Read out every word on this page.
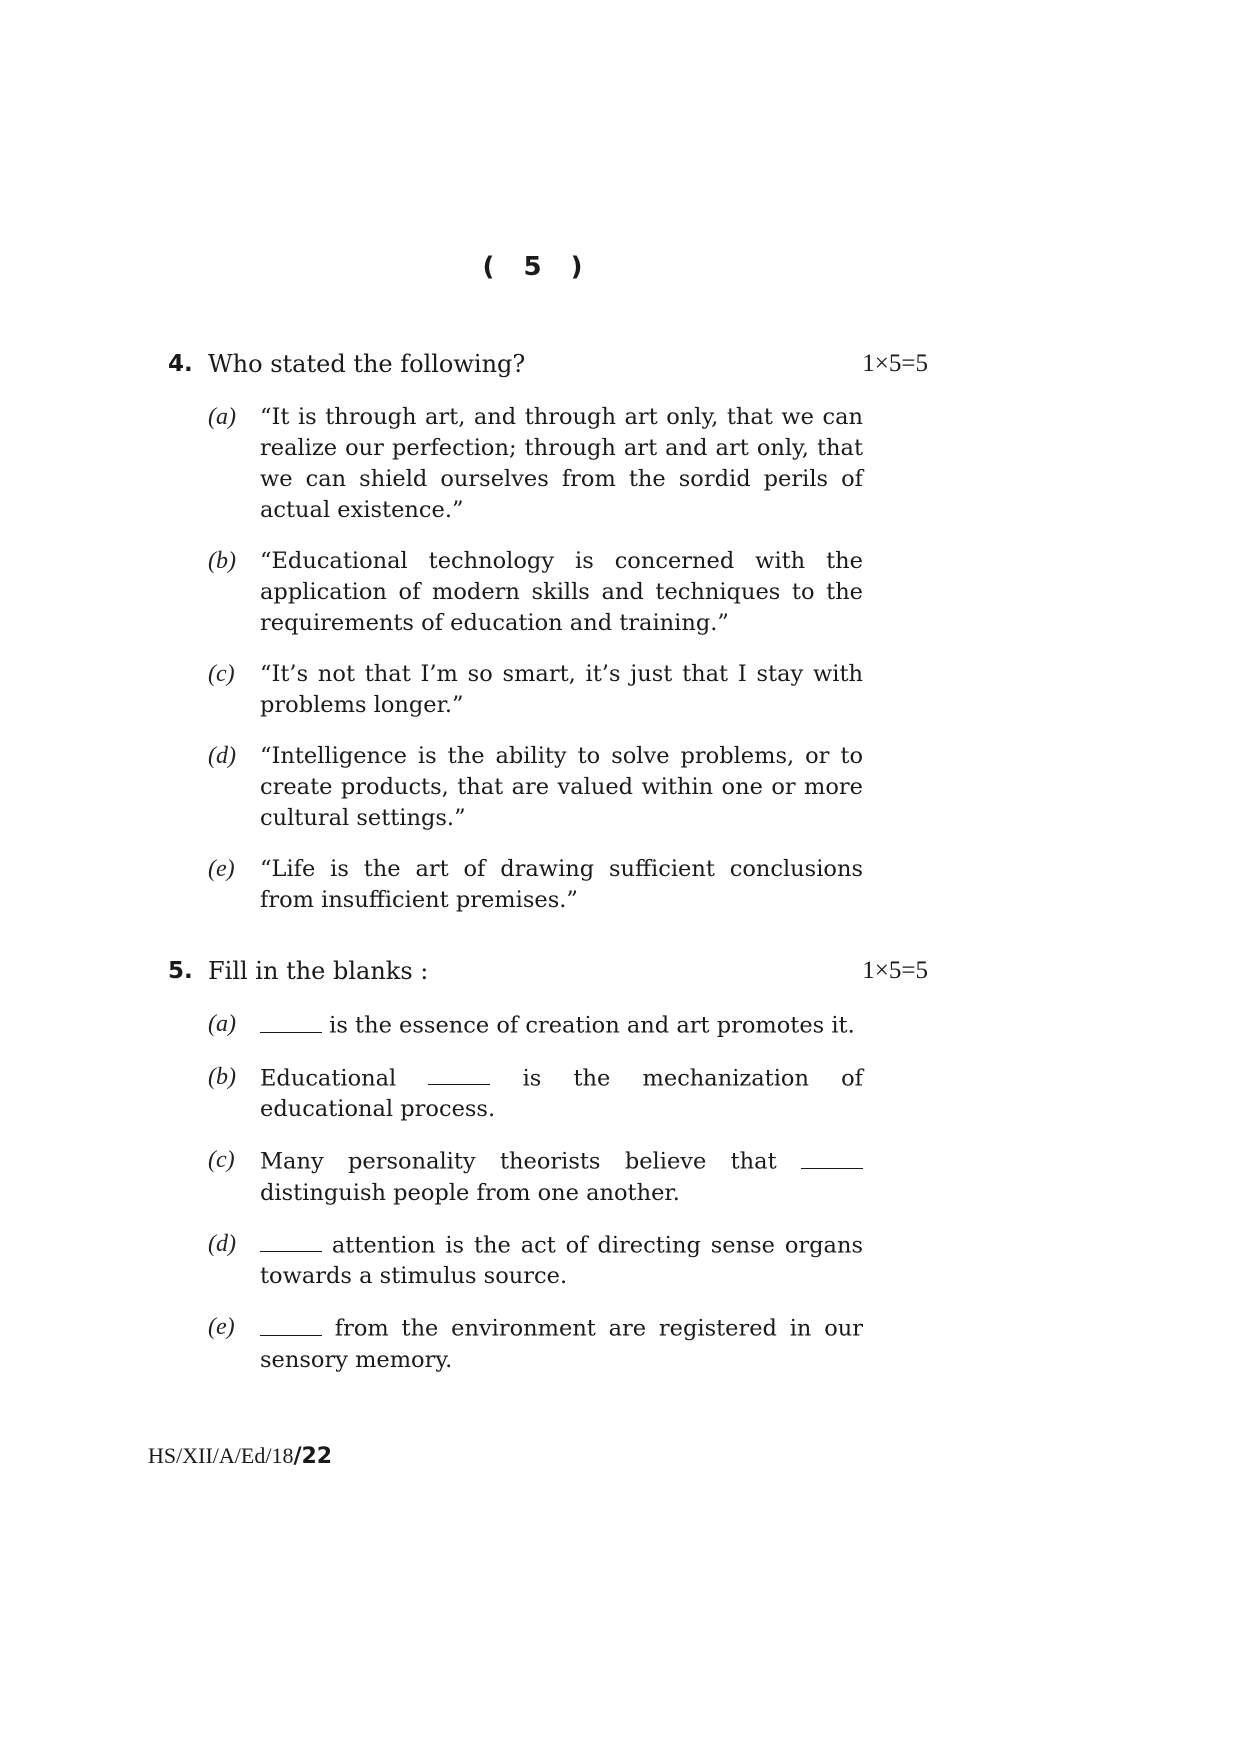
( 5 )
4. Who stated the following?	1×5=5
(a)	“It is through art, and through art only, that we can realize our perfection; through art and art only, that we can shield ourselves from the sordid perils of actual existence.”
(b)	“Educational technology is concerned with the application of modern skills and techniques to the requirements of education and training.”
(c)	“It’s not that I’m so smart, it’s just that I stay with problems longer.”
(d)	“Intelligence is the ability to solve problems, or to create products, that are valued within one or more cultural settings.”
(e)	“Life is the art of drawing sufficient conclusions from insufficient premises.”
5. Fill in the blanks :	1×5=5
(a)	is the essence of creation and art promotes it.
(b)	Educational	is the mechanization of educational process.
(c)	Many personality theorists believe that  distinguish people from one another.
(d)	attention is the act of directing sense organs towards a stimulus source.
(e)	from the environment are registered in our sensory memory.
HS/XII/A/Ed/18/22
